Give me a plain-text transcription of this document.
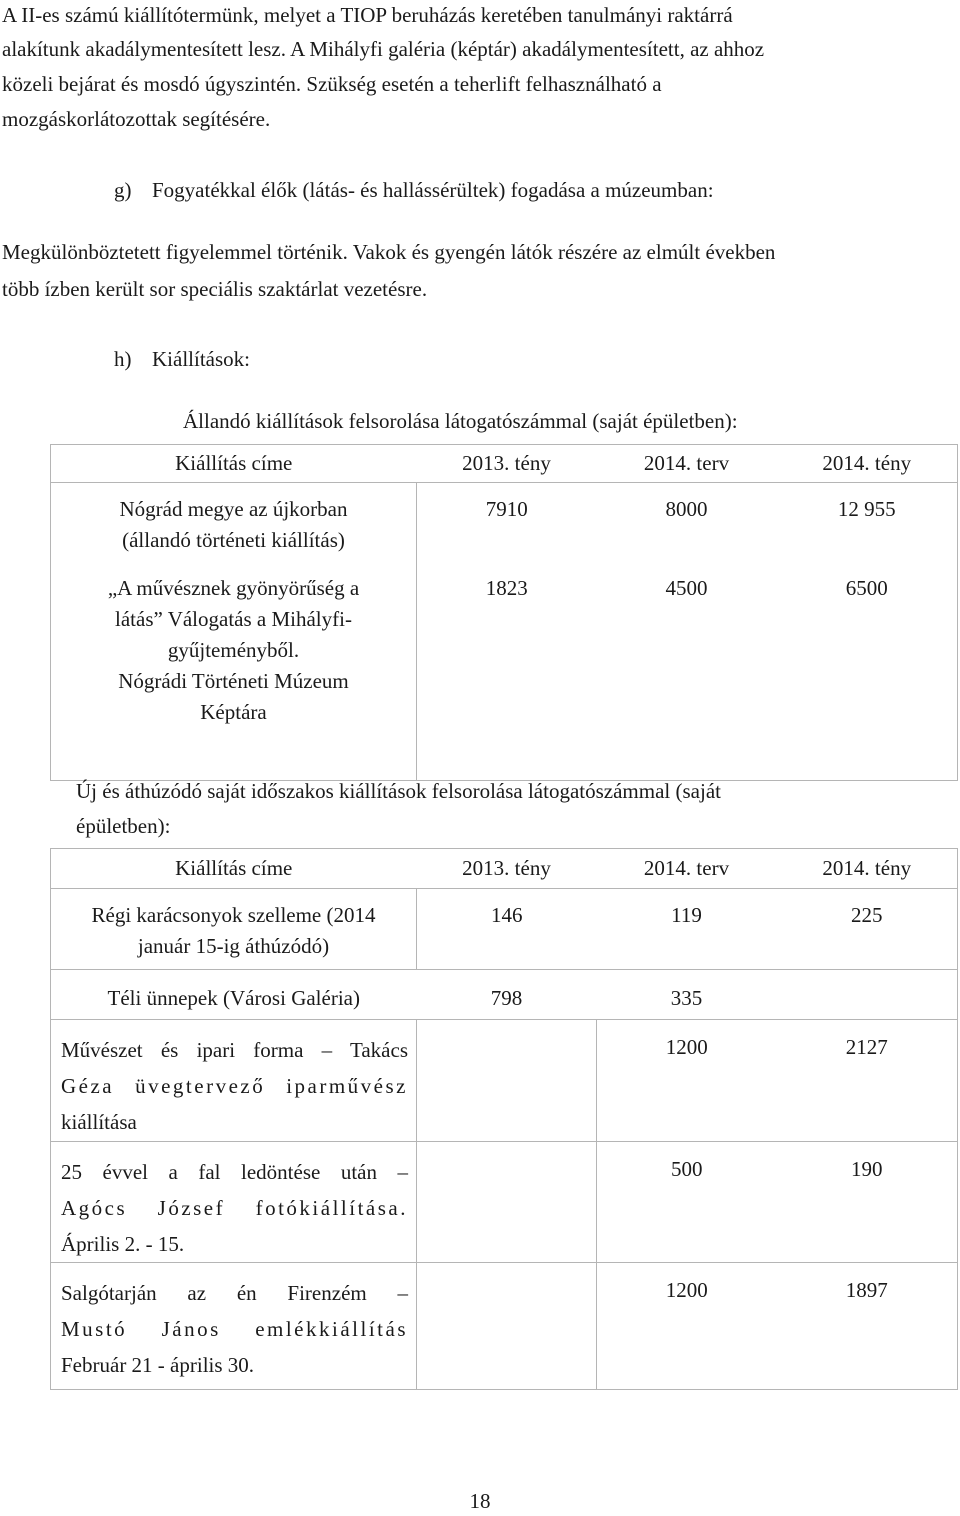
A II-es számú kiállítótermünk, melyet a TIOP beruházás keretében tanulmányi raktárrá
alakítunk akadálymentesített lesz. A Mihályfi galéria (képtár) akadálymentesített, az ahhoz
közeli bejárat és mosdó úgyszintén. Szükség esetén a teherlift felhasználható a
mozgáskorlátozottak segítésére.
g) Fogyatékkal élők (látás- és hallássérültek) fogadása a múzeumban:
Megkülönböztetett figyelemmel történik. Vakok és gyengén látók részére az elmúlt években
több ízben került sor speciális szaktárlat vezetésre.
h) Kiállítások:
Állandó kiállítások felsorolása látogatószámmal (saját épületben):
Kiállítás címe	2013. tény	2014. terv	2014. tény

Nógrád megye az újkorban
(állandó történeti kiállítás)	7910	8000	12 955

„A művésznek gyönyörűség a
látás” Válogatás a Mihályfi-
gyűjteményből.
Nógrádi Történeti Múzeum
Képtára	1823	4500	6500
Új és áthúzódó saját időszakos kiállítások felsorolása látogatószámmal (saját
épületben):
Kiállítás címe	2013. tény	2014. terv	2014. tény

Régi karácsonyok szelleme (2014
január 15-ig áthúzódó)	146	119	225

Téli ünnepek (Városi Galéria)	798	335	

Művészet és ipari forma – Takács
Géza üvegtervező iparművész
kiállítása		1200	2127

25 évvel a fal ledöntése után –
Agócs József fotókiállítása.
Április 2. - 15.		500	190

Salgótarján az én Firenzém –
Mustó János emlékkiállítás
Február 21 - április 30.		1200	1897
18
